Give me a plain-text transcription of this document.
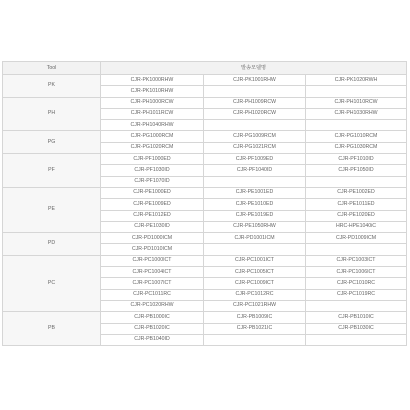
Tool	발송모델명		
PK	CJR-PK1000RHW	CJR-PK1001RHW	CJR-PK1020RWH
	CJR-PK1010RHW		
PH	CJR-PH1000RCW	CJR-PH1009RCW	CJR-PH1010RCW
	CJR-PH1011RCW	CJR-PH1020RCW	CJR-PH1030RHW
	CJR-PH1040RHW		
PG	CJR-PG1000RCM	CJR-PG1009RCM	CJR-PG1010RCM
	CJR-PG1020RCM	CJR-PG1021RCM	CJR-PG1030RCM
PF	CJR-PF1000ED	CJR-PF1009ED	CJR-PF1010ID
	CJR-PF1030ID	CJR-PF1040ID	CJR-PF1050ID
	CJR-PF1070ID		
PE	CJR-PE1000ED	CJR-PE1001ED	CJR-PE1002ED
	CJR-PE1009ED	CJR-PE1010ED	CJR-PE1011ED
	CJR-PE1012ED	CJR-PE1019ED	CJR-PE1020ED
	CJR-PE1030ID	CJR-PE1050RHW	HRC-HPE1040iC
PD	CJR-PD1000ICM	CJR-PD1001ICM	CJR-PD1009ICM
	CJR-PD1010ICM		
PC	CJR-PC1000ICT	CJR-PC1001ICT	CJR-PC1003ICT
	CJR-PC1004ICT	CJR-PC1005ICT	CJR-PC1006ICT
	CJR-PC1007ICT	CJR-PC1009ICT	CJR-PC1010RC
	CJR-PC1011RC	CJR-PC1012RC	CJR-PC1019RC
	CJR-PC1020RHW	CJR-PC1021RHW	
PB	CJR-PB1000IC	CJR-PB1009IC	CJR-PB1010IC
	CJR-PB1020IC	CJR-PB1021IC	CJR-PB1030IC
	CJR-PB1040ID		
